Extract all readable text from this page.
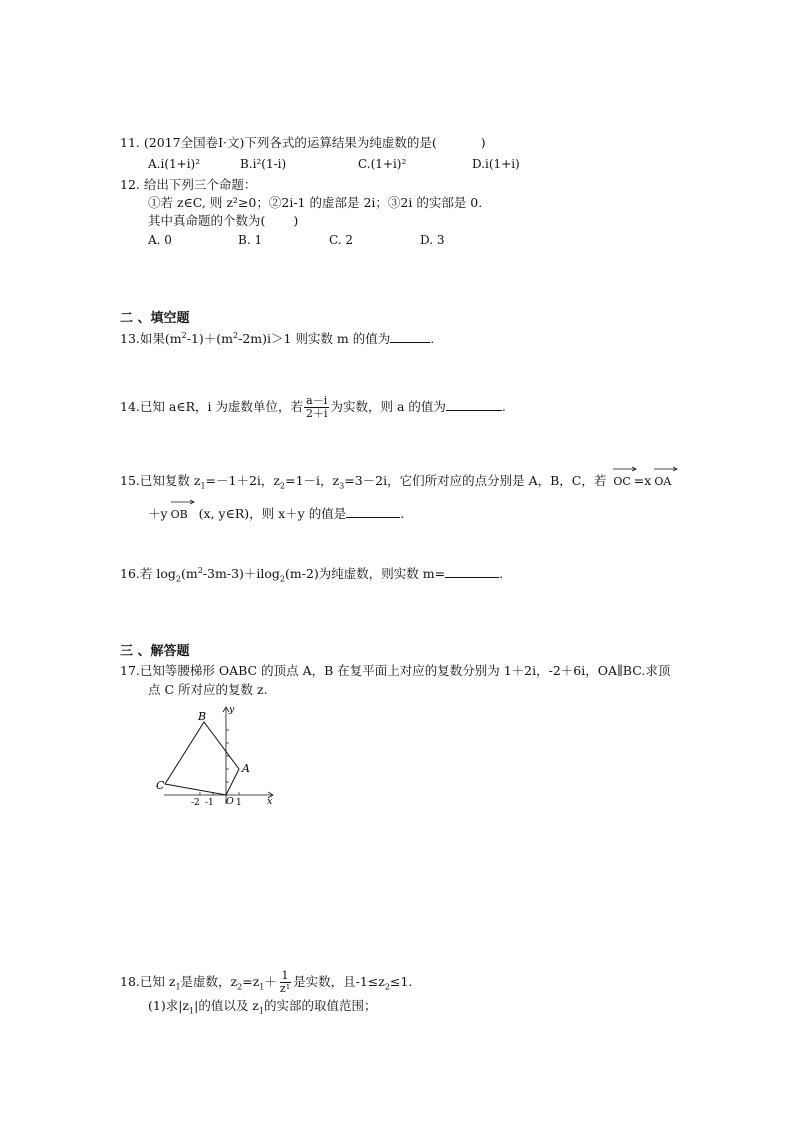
11. (2017全国卷Ⅰ·文)下列各式的运算结果为纯虚数的是(	)
A.i(1+i)²	B.i²(1-i)	C.(1+i)²	D.i(1+i)
12. 给出下列三个命题：
①若 z∈C, 则 z²≥0；②2i-1 的虚部是 2i；③2i 的实部是 0.
其中真命题的个数为( )
A. 0	B. 1	C. 2	D. 3
二 、填空题
13.如果$(m^2-1)+(m^2-2m)i>1$ 则实数 m 的值为	.
14.已知 a∈R，i 为虚数单位，若 $\frac{a-i}{2+i}$ 为实数，则 a 的值为	.
15.已知复数 $z_1=-1+2i$，$z_2=1-i$，$z_3=3-2i$，它们所对应的点分别是 A，B，C，若 OC =x OA
＋y OB (x, y∈R)，则 x＋y 的值是	.
16.若 $\log_2(m^2-3m-3)+ilog_2(m-2)$为纯虚数，则实数 m=	.
三 、解答题
17.已知等腰梯形 OABC 的顶点 A，B 在复平面上对应的复数分别为 1＋2i，-2＋6i，OA∥BC.求顶
点 C 所对应的复数 z.
A
B
C
O	x
y
-2 -1 1
18.已知 $z_1$是虚数，$z_2=z_1+ \frac{1}{\text{z¹}}$ 是实数，且$-1\le z_2\le 1$.
(1)求$|z_1|$的值以及 $z_1$的实部的取值范围；
